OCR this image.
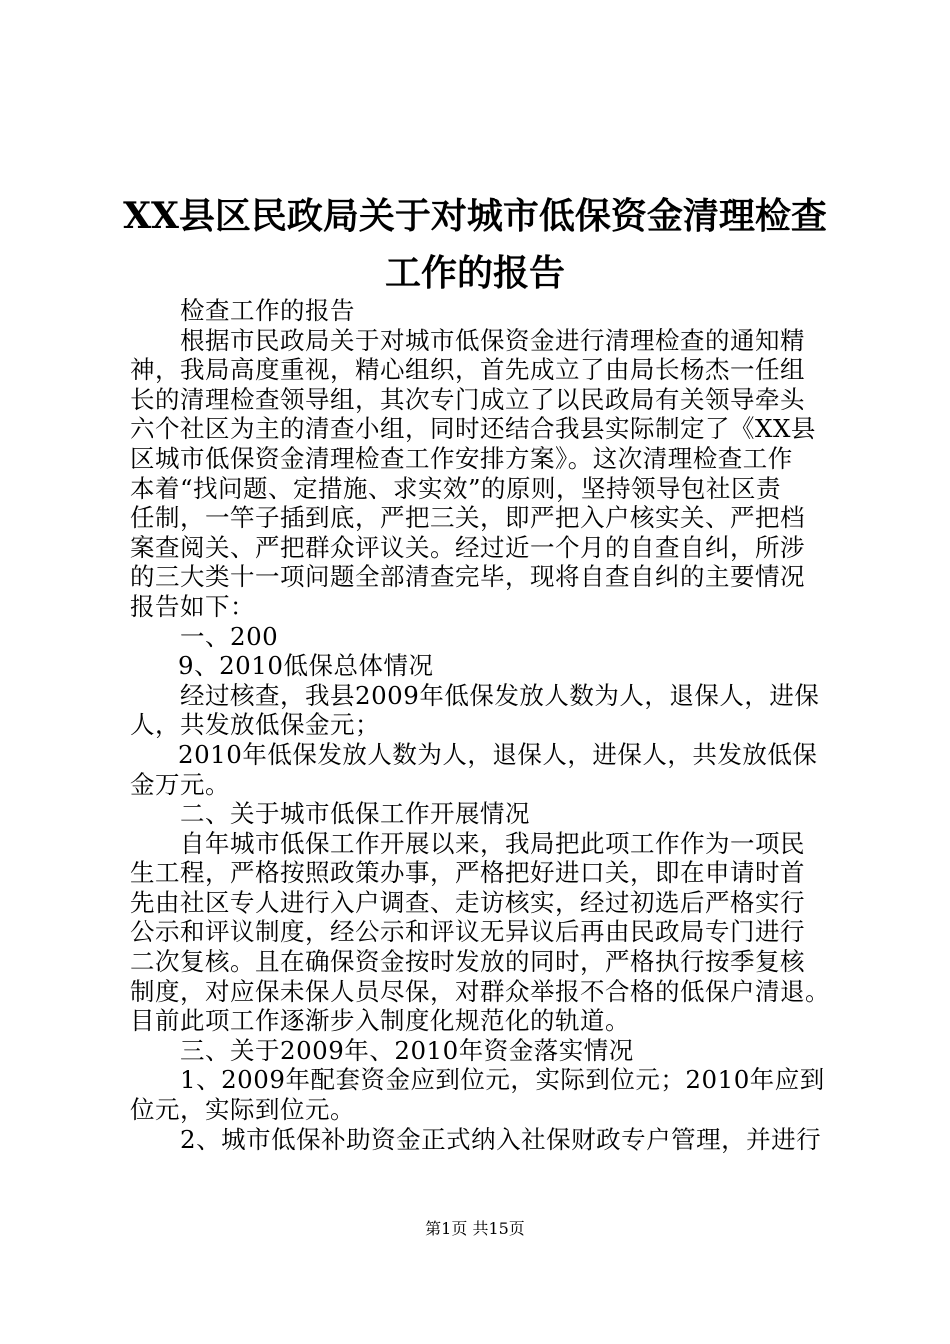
XX县区民政局关于对城市低保资金清理检查
工作的报告
检查工作的报告
根据市民政局关于对城市低保资金进行清理检查的通知精
神，我局高度重视，精心组织，首先成立了由局长杨杰一任组
长的清理检查领导组，其次专门成立了以民政局有关领导牵头
六个社区为主的清查小组，同时还结合我县实际制定了《XX县
区城市低保资金清理检查工作安排方案》。这次清理检查工作
本着“找问题、定措施、求实效”的原则，坚持领导包社区责
任制，一竿子插到底，严把三关，即严把入户核实关、严把档
案查阅关、严把群众评议关。经过近一个月的自查自纠，所涉
的三大类十一项问题全部清查完毕，现将自查自纠的主要情况
报告如下：
一、200
9、2010低保总体情况
经过核查，我县2009年低保发放人数为人，退保人，进保
人，共发放低保金元；
2010年低保发放人数为人，退保人，进保人，共发放低保
金万元。
二、关于城市低保工作开展情况
自年城市低保工作开展以来，我局把此项工作作为一项民
生工程，严格按照政策办事，严格把好进口关，即在申请时首
先由社区专人进行入户调查、走访核实，经过初选后严格实行
公示和评议制度，经公示和评议无异议后再由民政局专门进行
二次复核。且在确保资金按时发放的同时，严格执行按季复核
制度，对应保未保人员尽保，对群众举报不合格的低保户清退。
目前此项工作逐渐步入制度化规范化的轨道。
三、关于2009年、2010年资金落实情况
1、2009年配套资金应到位元，实际到位元；2010年应到
位元，实际到位元。
2、城市低保补助资金正式纳入社保财政专户管理，并进行
第1页 共15页
